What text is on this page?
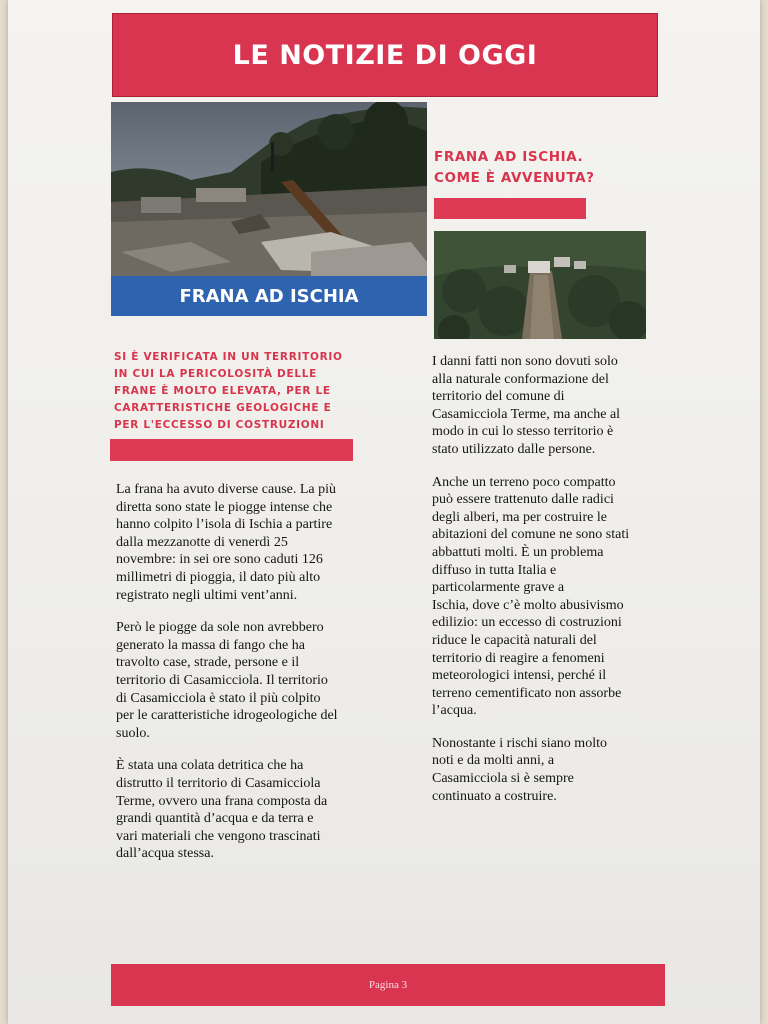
LE NOTIZIE DI OGGI
FRANA AD ISCHIA
FRANA AD ISCHIA.
COME È AVVENUTA?
SI È VERIFICATA IN UN TERRITORIO
IN CUI LA PERICOLOSITÀ DELLE
FRANE È MOLTO ELEVATA, PER LE
CARATTERISTICHE GEOLOGICHE E
PER L'ECCESSO DI COSTRUZIONI

La frana ha avuto diverse cause. La più
diretta sono state le piogge intense che
hanno colpito l’isola di Ischia a partire
dalla mezzanotte di venerdì 25
novembre: in sei ore sono caduti 126
millimetri di pioggia, il dato più alto
registrato negli ultimi vent’anni.

Però le piogge da sole non avrebbero
generato la massa di fango che ha
travolto case, strade, persone e il
territorio di Casamicciola. Il territorio
di Casamicciola è stato il più colpito
per le caratteristiche idrogeologiche del
suolo.

È stata una colata detritica che ha
distrutto il territorio di Casamicciola
Terme, ovvero una frana composta da
grandi quantità d’acqua e da terra e
vari materiali che vengono trascinati
dall’acqua stessa.

I danni fatti non sono dovuti solo
alla naturale conformazione del
territorio del comune di
Casamicciola Terme, ma anche al
modo in cui lo stesso territorio è
stato utilizzato dalle persone.

Anche un terreno poco compatto
può essere trattenuto dalle radici
degli alberi, ma per costruire le
abitazioni del comune ne sono stati
abbattuti molti. È un problema
diffuso in tutta Italia e
particolarmente grave a
Ischia, dove c’è molto abusivismo
edilizio: un eccesso di costruzioni
riduce le capacità naturali del
territorio di reagire a fenomeni
meteorologici intensi, perché il
terreno cementificato non assorbe
l’acqua.

Nonostante i rischi siano molto
noti e da molti anni, a
Casamicciola si è sempre
continuato a costruire.

Pagina 3
